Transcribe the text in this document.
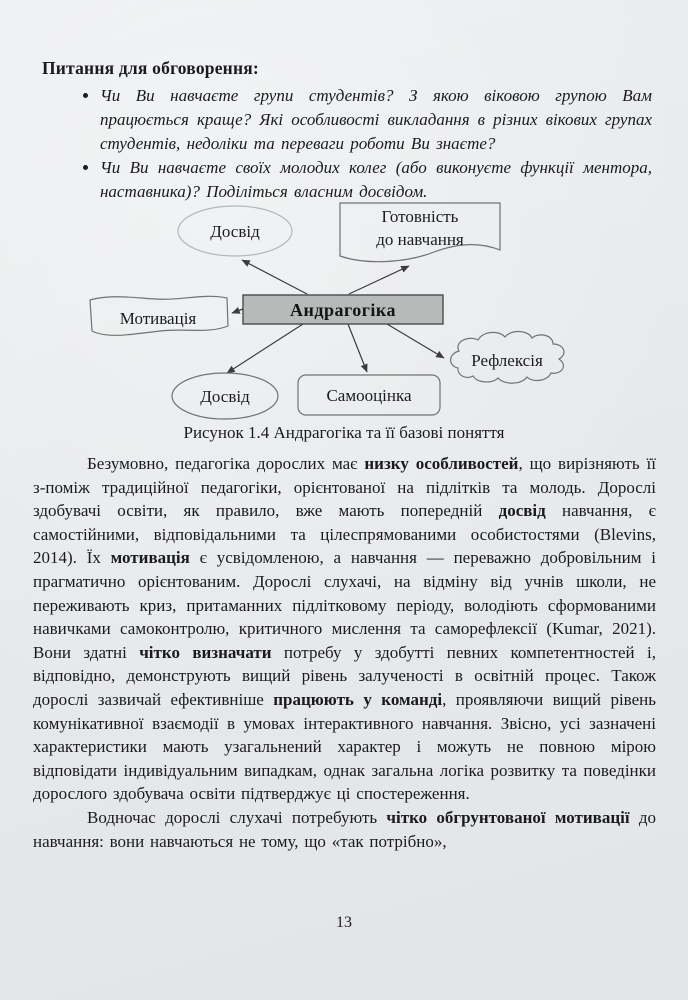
Питання для обговорення:
• Чи Ви навчаєте групи студентів? З якою віковою групою Вам працюється краще? Які особливості викладання в різних вікових групах студентів, недоліки та переваги роботи Ви знаєте?
• Чи Ви навчаєте своїх молодих колег (або виконуєте функції ментора, наставника)? Поділіться власним досвідом.
Досвід
Готовність
до навчання
Андрагогіка
Мотивація
Рефлексія
Досвід	Самооцінка
Рисунок 1.4 Андрагогіка та її базові поняття

Безумовно, педагогіка дорослих має низку особливостей, що вирізняють її з-поміж традиційної педагогіки, орієнтованої на підлітків та молодь. Дорослі здобувачі освіти, як правило, вже мають попередній досвід навчання, є самостійними, відповідальними та цілеспрямованими особистостями (Blevins, 2014). Їх мотивація є усвідомленою, а навчання — переважно добровільним і прагматично орієнтованим. Дорослі слухачі, на відміну від учнів школи, не переживають криз, притаманних підлітковому періоду, володіють сформованими навичками самоконтролю, критичного мислення та саморефлексії (Kumar, 2021). Вони здатні чітко визначати потребу у здобутті певних компетентностей і, відповідно, демонструють вищий рівень залученості в освітній процес. Також дорослі зазвичай ефективніше працюють у команді, проявляючи вищий рівень комунікативної взаємодії в умовах інтерактивного навчання. Звісно, усі зазначені характеристики мають узагальнений характер і можуть не повною мірою відповідати індивідуальним випадкам, однак загальна логіка розвитку та поведінки дорослого здобувача освіти підтверджує ці спостереження.

Водночас дорослі слухачі потребують чітко обгрунтованої мотивації до навчання: вони навчаються не тому, що «так потрібно»,

13
